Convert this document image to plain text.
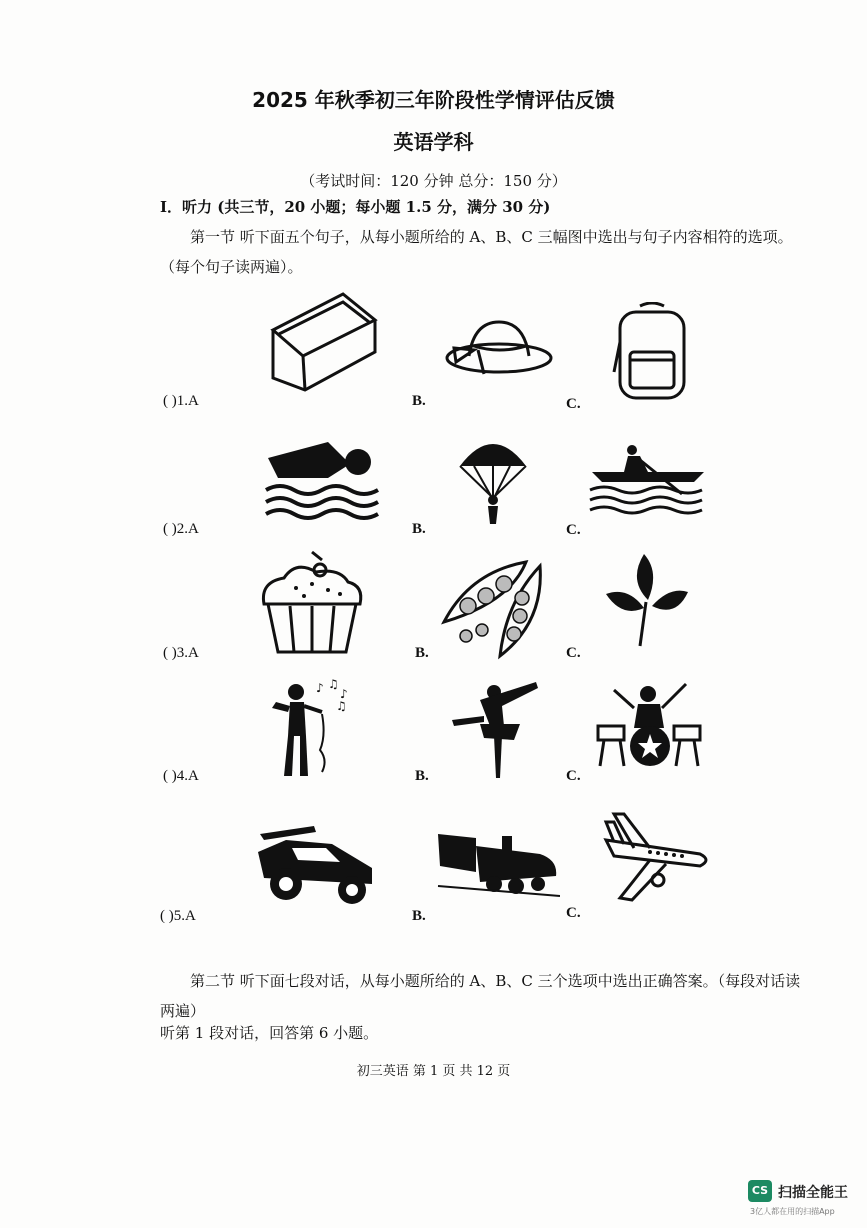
2025 年秋季初三年阶段性学情评估反馈
英语学科
（考试时间：120 分钟 总分：150 分）
I．听力 (共三节，20 小题；每小题 1.5 分，满分 30 分)
第一节 听下面五个句子，从每小题所给的 A、B、C 三幅图中选出与句子内容相符的选项。（每个句子读两遍）。
( )1.A	B.	C.
( )2.A	B.	C.
( )3.A	B.	C.
( )4.A	B.	C.
( )5.A	B.	C.
♪ ♫
♪
♫
第二节 听下面七段对话，从每小题所给的 A、B、C 三个选项中选出正确答案。（每段对话读两遍）
听第 1 段对话，回答第 6 小题。
初三英语 第 1 页 共 12 页
CS 扫描全能王
3亿人都在用的扫描App
